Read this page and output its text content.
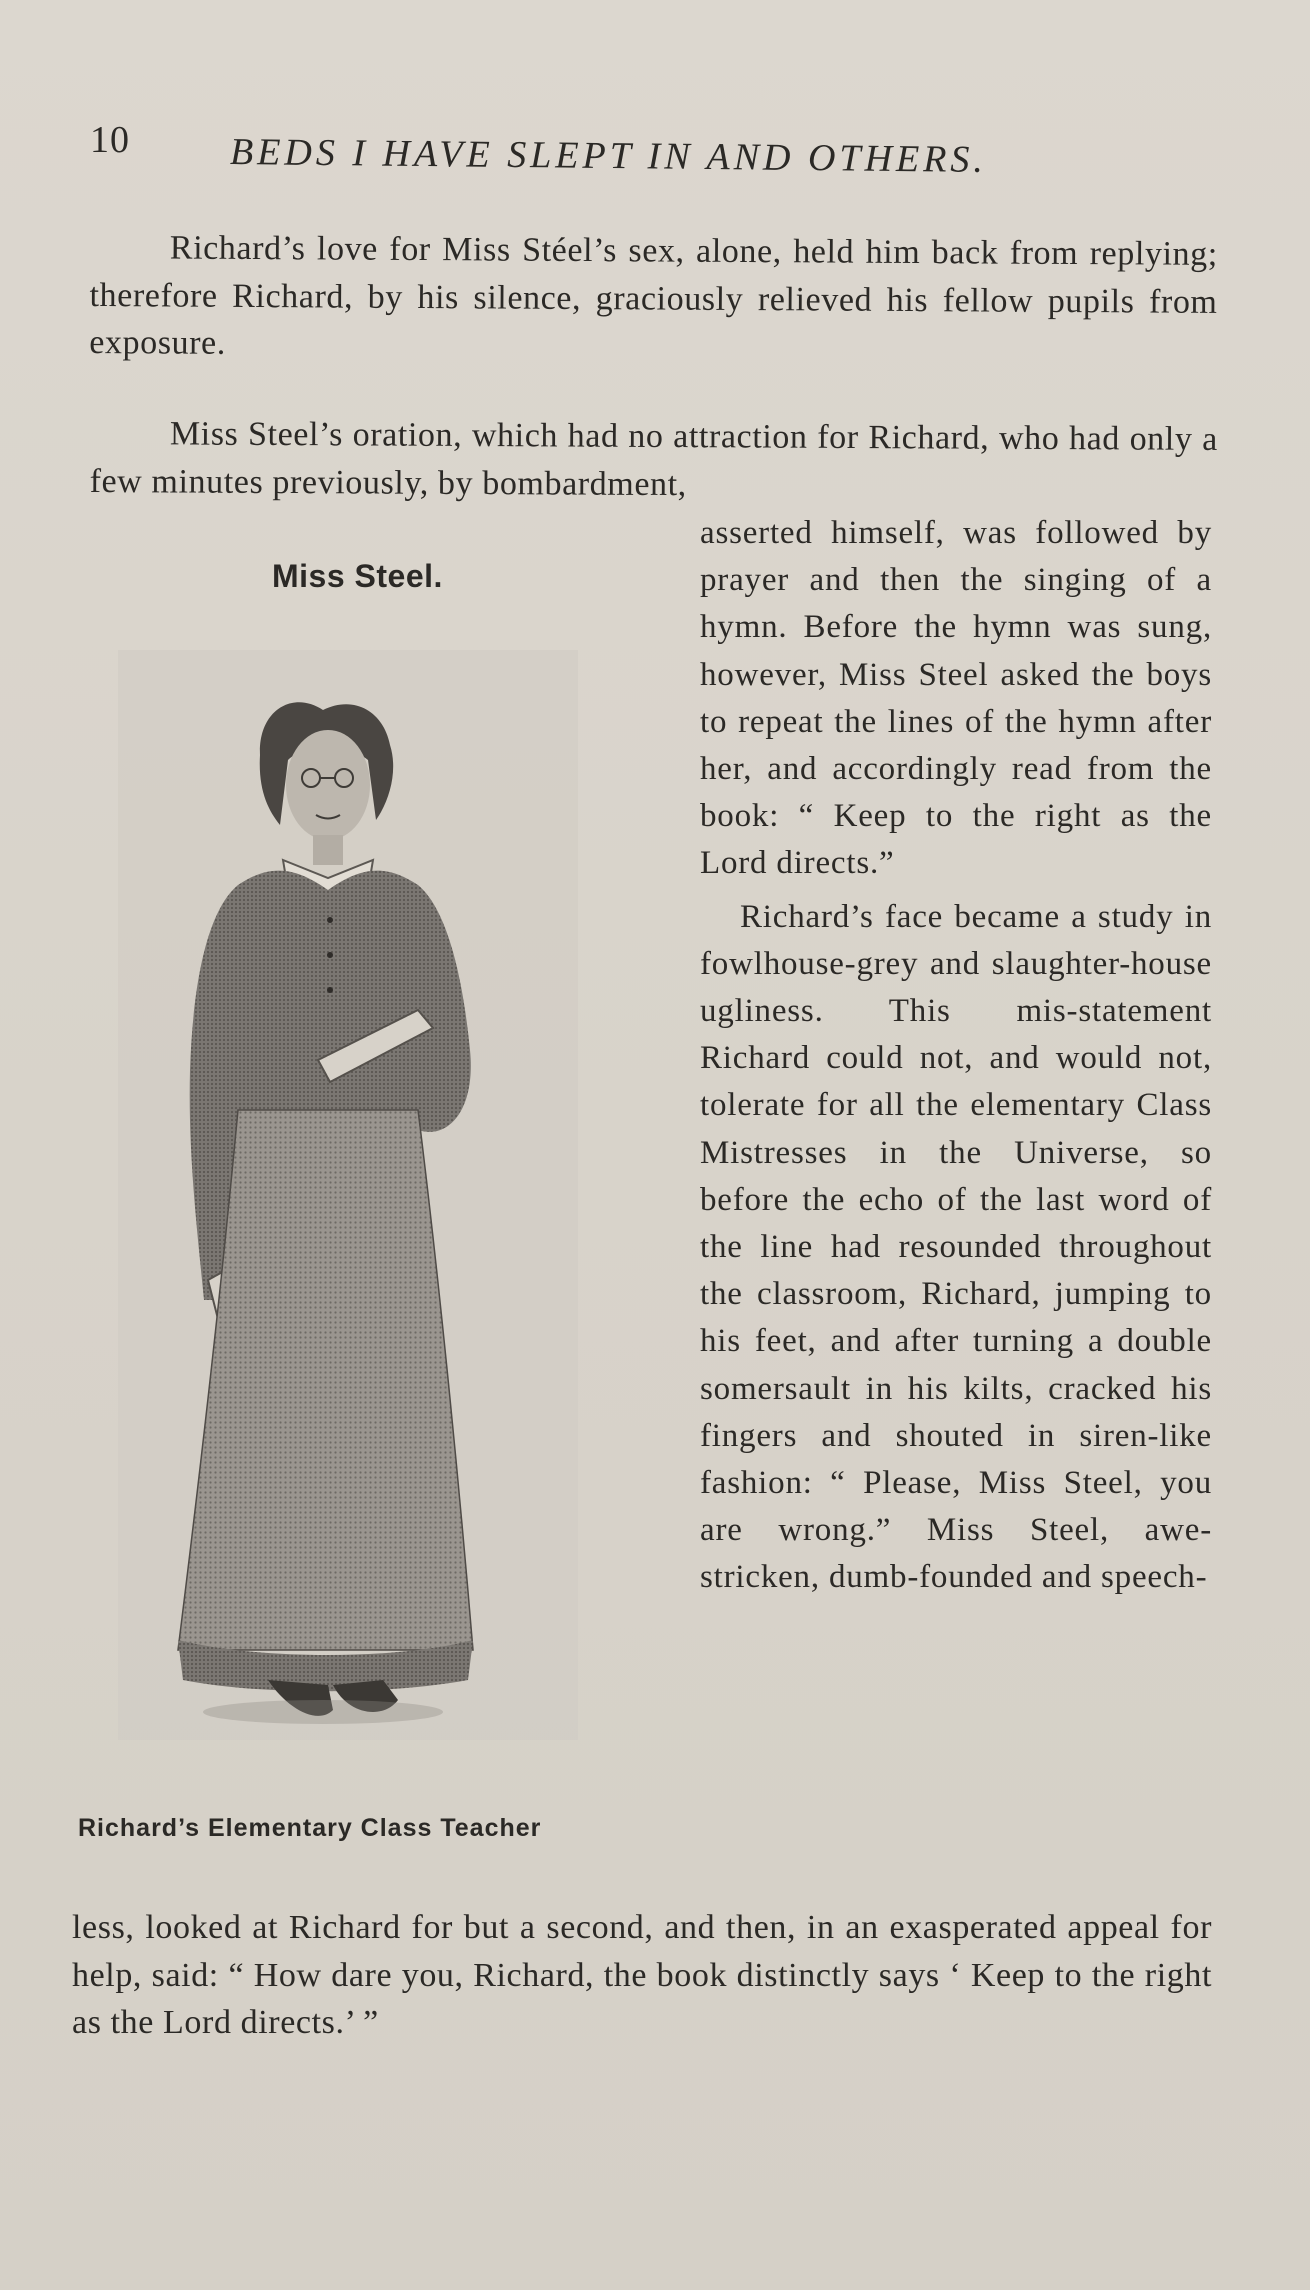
10	BEDS I HAVE SLEPT IN AND OTHERS.

Richard’s love for Miss Stéel’s sex, alone, held him back from replying; therefore Richard, by his silence, graciously relieved his fellow pupils from exposure.

Miss Steel’s oration, which had no attraction for Richard, who had only a few minutes previously, by bombardment,

asserted himself, was followed by prayer and then the singing of a hymn. Before the hymn was sung, however, Miss Steel asked the boys to repeat the lines of the hymn after her, and accordingly read from the book: “ Keep to the right as the Lord directs.”

Richard’s face became a study in fowlhouse-grey and slaughter-house ugliness. This mis-statement Richard could not, and would not, tolerate for all the elementary Class Mistresses in the Universe, so before the echo of the last word of the line had resounded throughout the classroom, Richard, jumping to his feet, and after turning a double somersault in his kilts, cracked his fingers and shouted in siren-like fashion: “ Please, Miss Steel, you are wrong.” Miss Steel, awe-stricken, dumb-founded and speech-

less, looked at Richard for but a second, and then, in an exasperated appeal for help, said: “ How dare you, Richard, the book distinctly says ‘ Keep to the right as the Lord directs.’ ”

Miss Steel.
Richard’s Elementary Class Teacher
